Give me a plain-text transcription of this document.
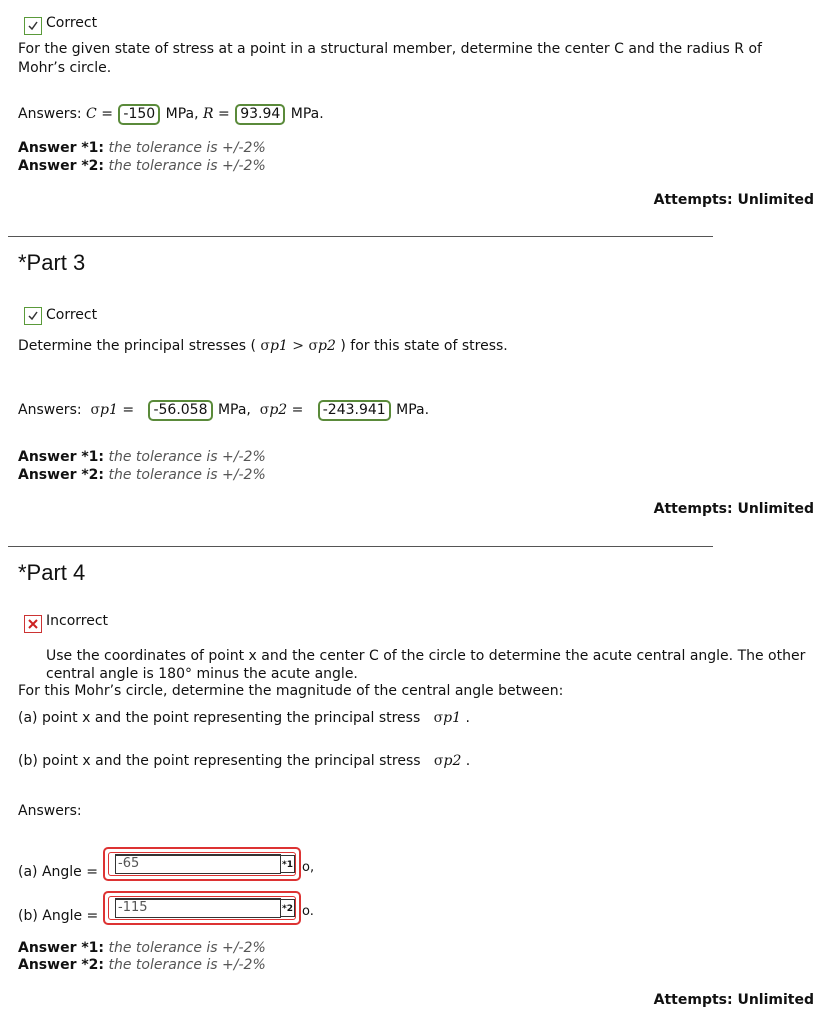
Correct
For the given state of stress at a point in a structural member, determine the center C and the radius R of Mohr’s circle.
Answers: C = -150 MPa, R = 93.94 MPa.
Answer *1: the tolerance is +/-2%
Answer *2: the tolerance is +/-2%
Attempts: Unlimited
*Part 3
Correct
Determine the principal stresses ( σp1 > σp2 ) for this state of stress.
Answers: σp1 =   -56.058 MPa, σp2 =   -243.941 MPa.
Answer *1: the tolerance is +/-2%
Answer *2: the tolerance is +/-2%
Attempts: Unlimited
*Part 4
Incorrect
Use the coordinates of point x and the center C of the circle to determine the acute central angle. The other
central angle is 180° minus the acute angle.
For this Mohr’s circle, determine the magnitude of the central angle between:
(a) point x and the point representing the principal stress σp1 .
(b) point x and the point representing the principal stress σp2 .
Answers:
(a) Angle =
-65	*1 o,
(b) Angle =
-115	*2 o.
Answer *1: the tolerance is +/-2%
Answer *2: the tolerance is +/-2%
Attempts: Unlimited
